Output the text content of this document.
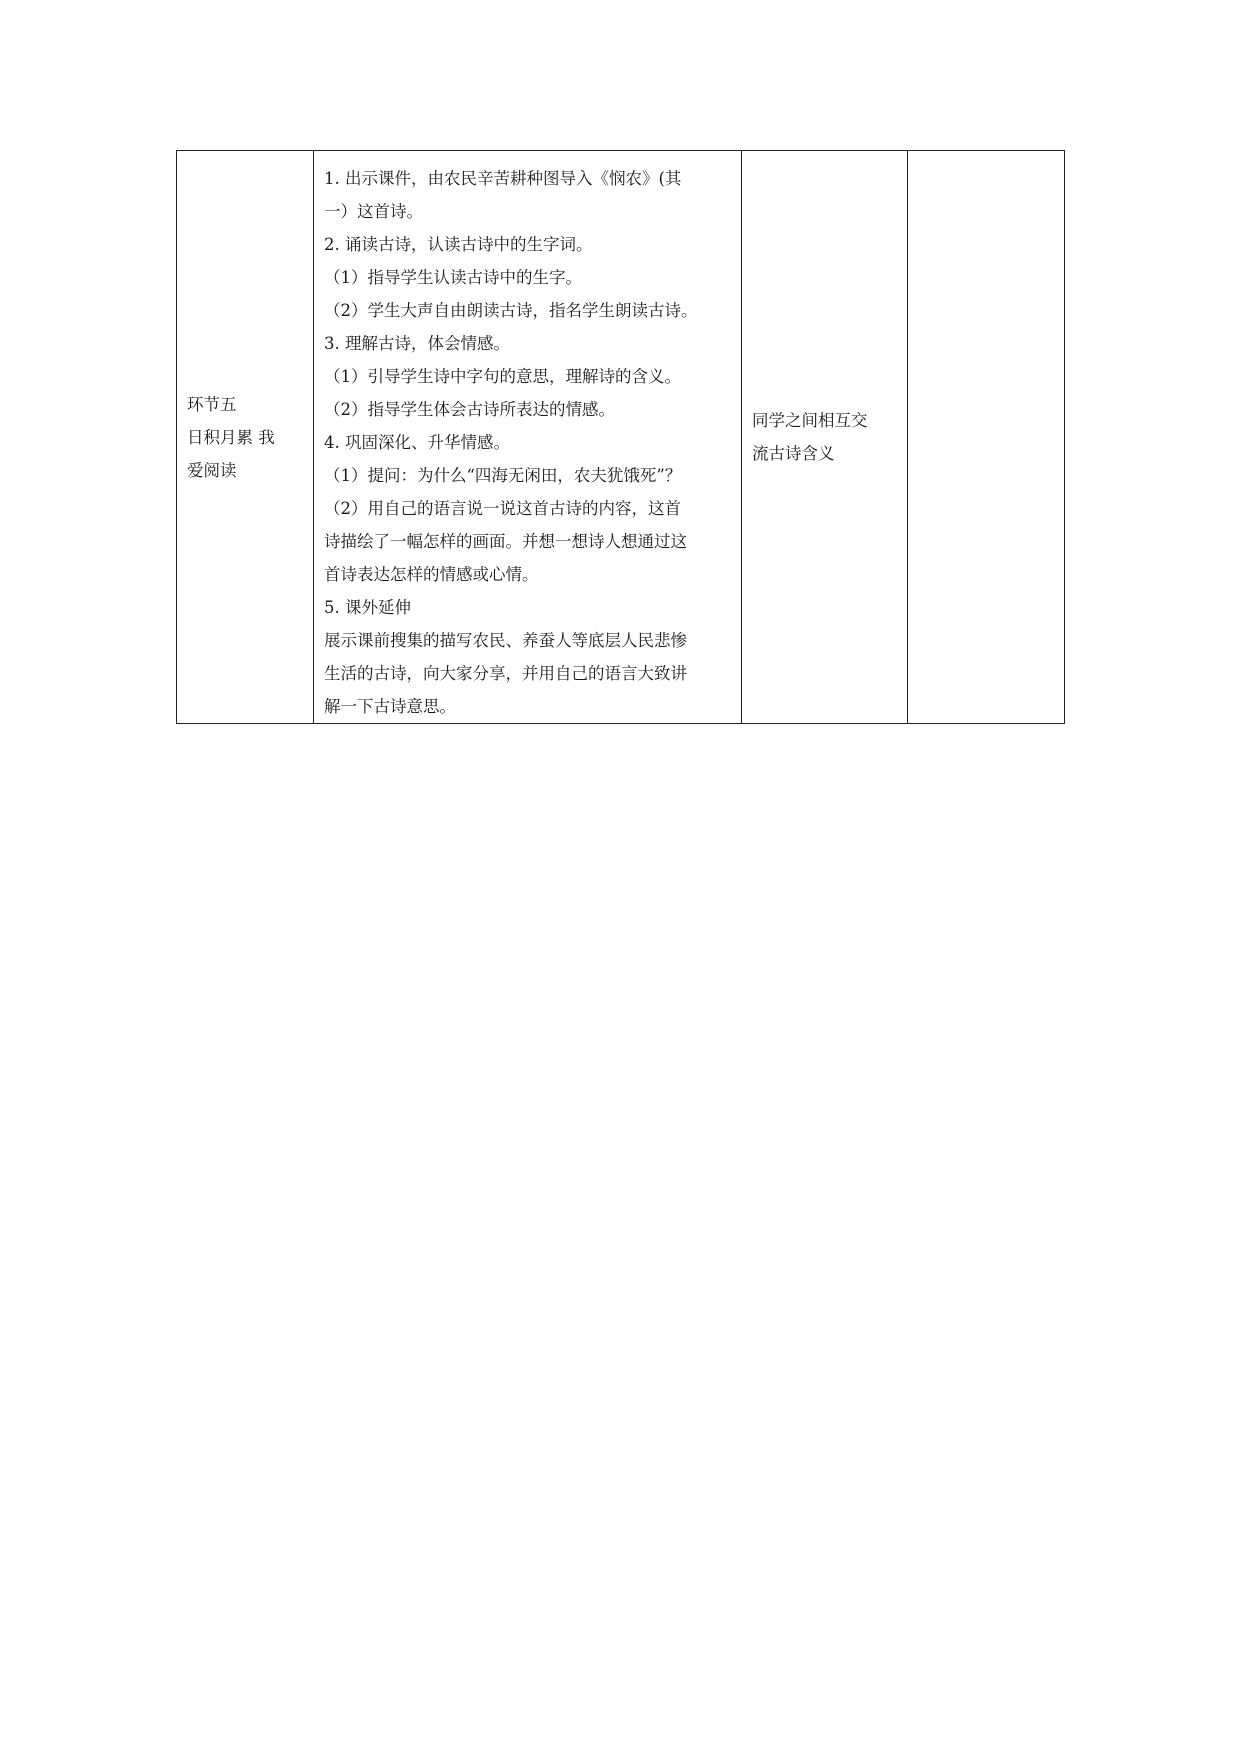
环节五
日积月累 我
爱阅读

1. 出示课件，由农民辛苦耕种图导入《悯农》(其
一）这首诗。
2. 诵读古诗，认读古诗中的生字词。
（1）指导学生认读古诗中的生字。
（2）学生大声自由朗读古诗，指名学生朗读古诗。
3. 理解古诗，体会情感。
（1）引导学生诗中字句的意思，理解诗的含义。
（2）指导学生体会古诗所表达的情感。
4. 巩固深化、升华情感。
（1）提问：为什么“四海无闲田，农夫犹饿死”？
（2）用自己的语言说一说这首古诗的内容，这首
诗描绘了一幅怎样的画面。并想一想诗人想通过这
首诗表达怎样的情感或心情。
5. 课外延伸
展示课前搜集的描写农民、养蚕人等底层人民悲惨
生活的古诗，向大家分享，并用自己的语言大致讲
解一下古诗意思。

同学之间相互交
流古诗含义
